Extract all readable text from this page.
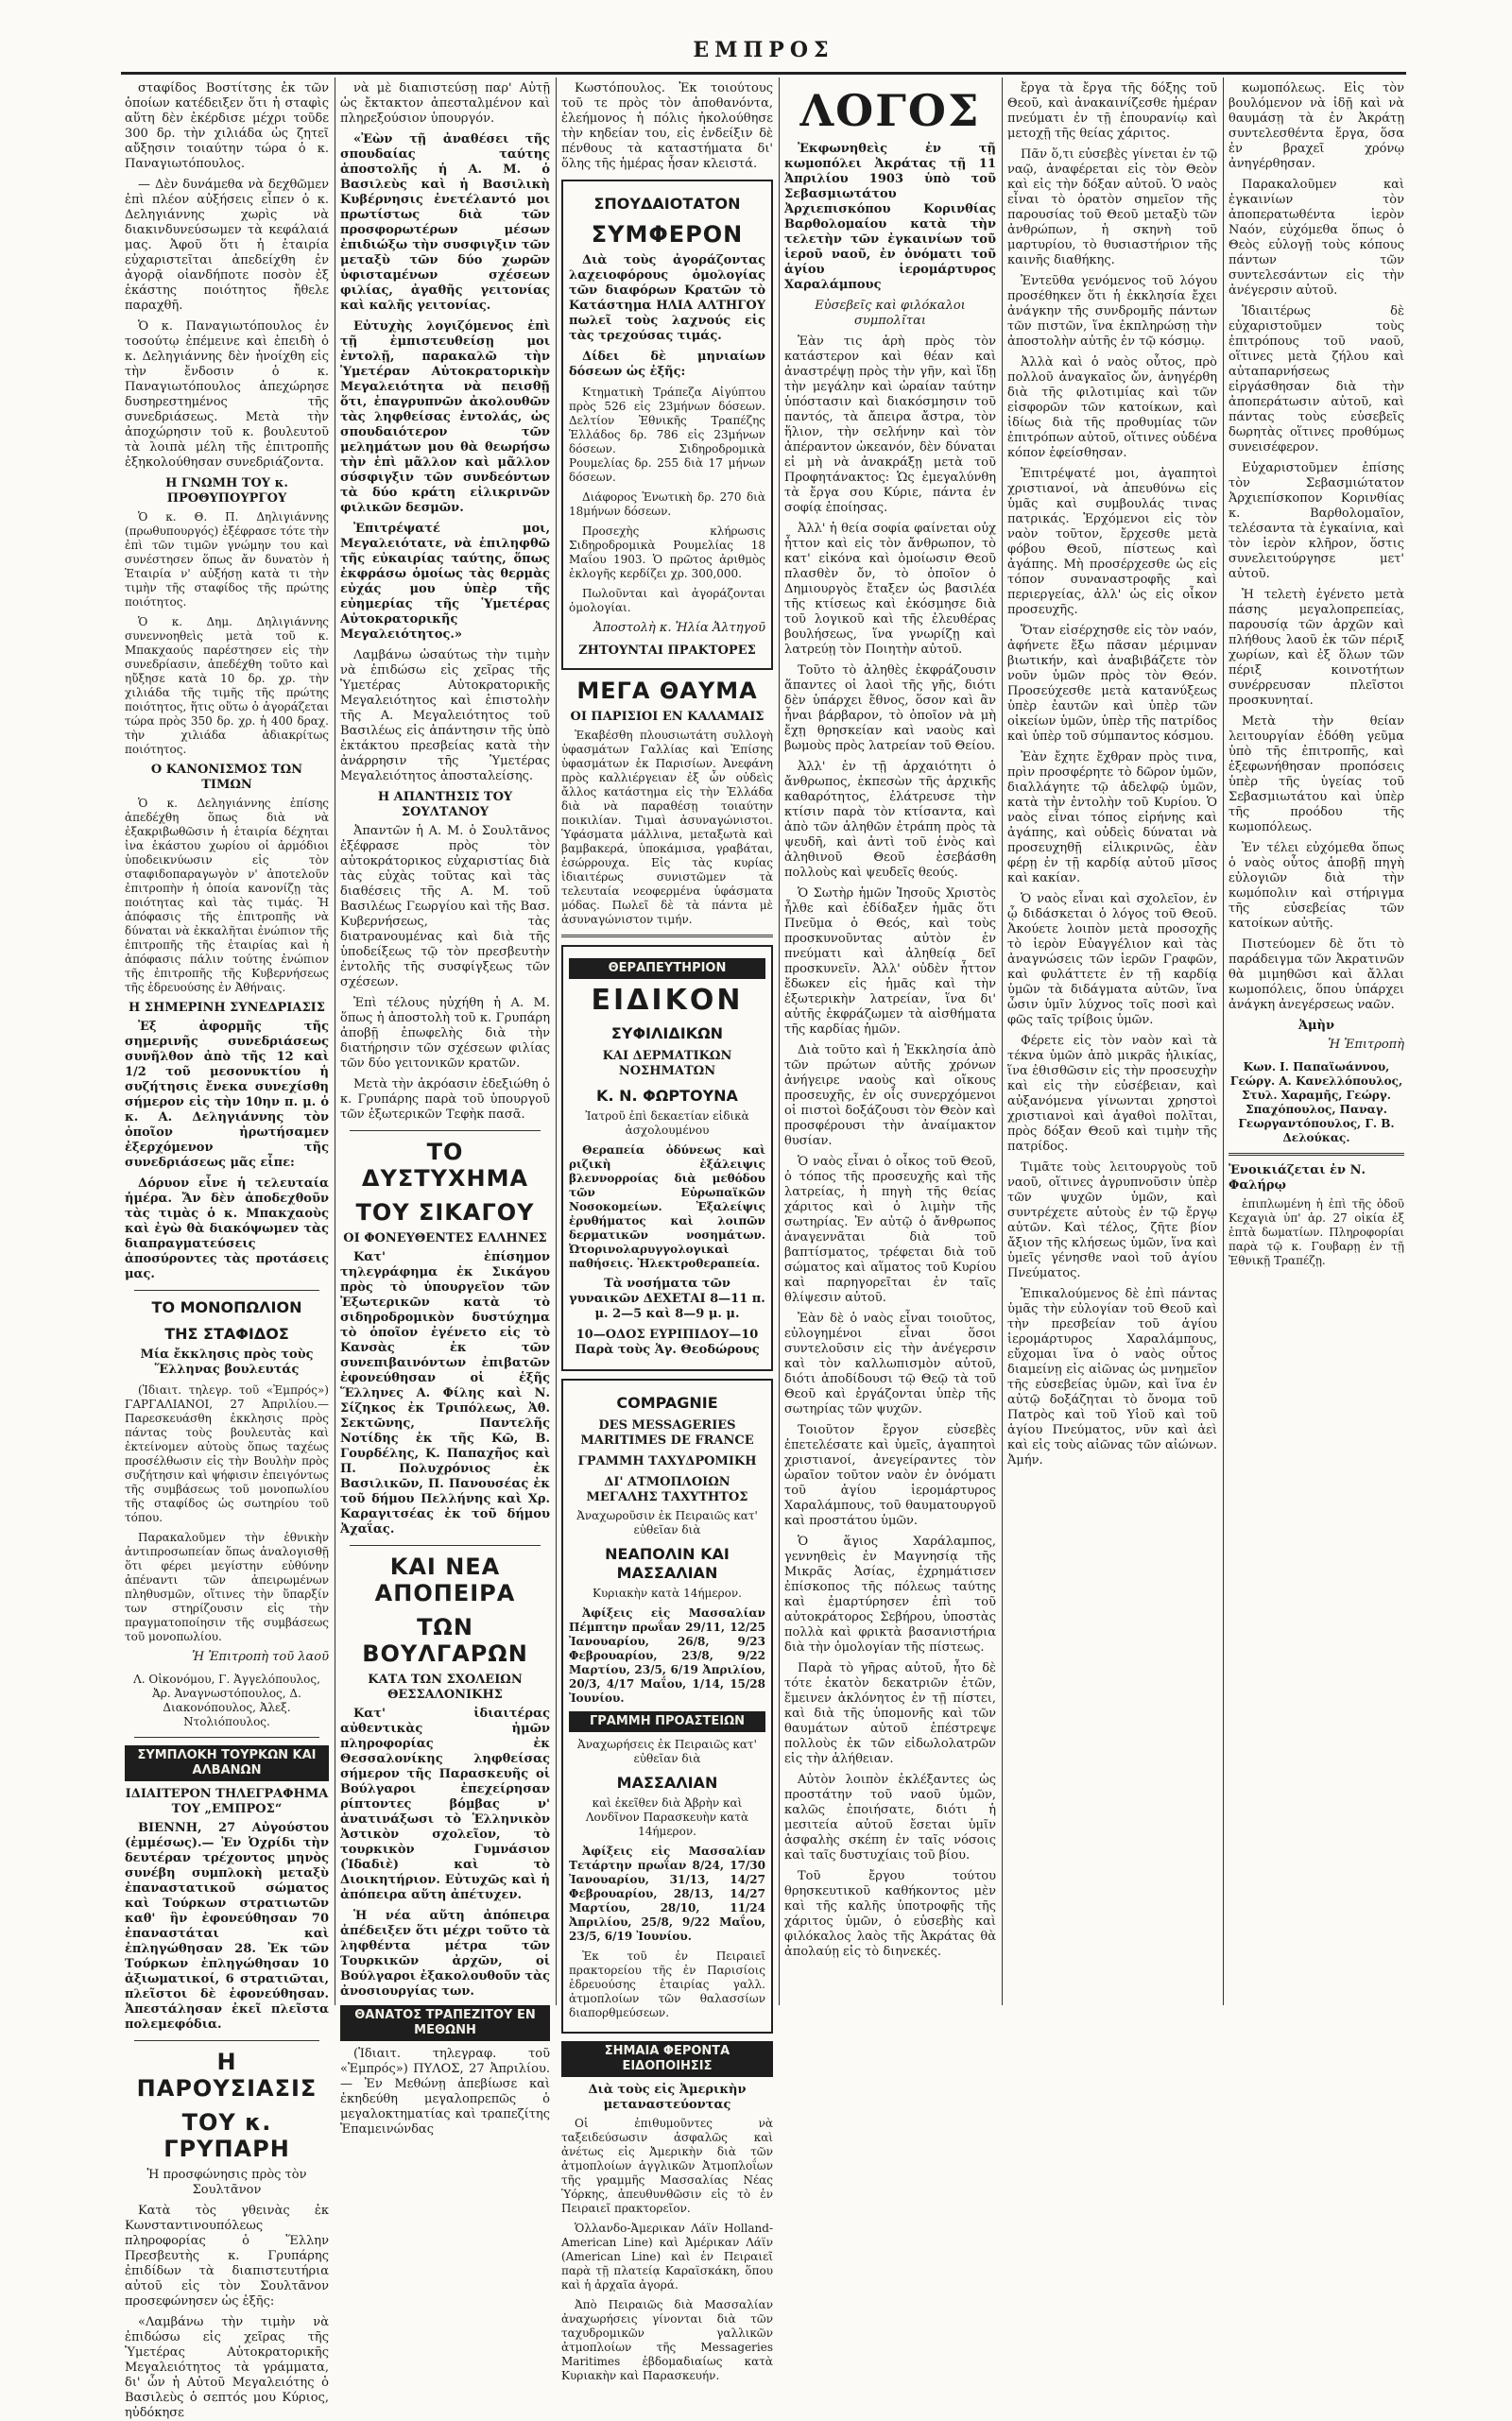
ΕΜΠΡΟΣ

σταφίδος Βοστίτσης ἐκ τῶν ὁποίων κατέδειξεν ὅτι ἡ σταφὶς αὕτη δὲν ἐκέρδισε μέχρι τοῦδε 300 δρ. τὴν χιλιάδα ὡς ζητεῖ αὔξησιν τοιαύτην τώρα ὁ κ. Παναγιωτόπουλος.

— Δὲν δυνάμεθα νὰ δεχθῶμεν ἐπὶ πλέον αὐξήσεις εἶπεν ὁ κ. Δεληγιάννης χωρὶς νὰ διακινδυνεύσωμεν τὰ κεφάλαιά μας. Ἀφοῦ ὅτι ἡ ἑταιρία εὐχαριστεῖται ἀπεδείχθη ἐν ἀγορᾷ οἰανδήποτε ποσὸν ἐξ ἑκάστης ποιότητος ἤθελε παραχθῆ.

Ὁ κ. Παναγιωτόπουλος ἐν τοσούτῳ ἐπέμεινε καὶ ἐπειδὴ ὁ κ. Δεληγιάννης δὲν ἠνοίχθη εἰς τὴν ἔνδοσιν ὁ κ. Παναγιωτόπουλος ἀπεχώρησε δυσηρεστημένος τῆς συνεδριάσεως. Μετὰ τὴν ἀποχώρησιν τοῦ κ. βουλευτοῦ τὰ λοιπὰ μέλη τῆς ἐπιτροπῆς ἐξηκολούθησαν συνεδριάζοντα.

Η ΓΝΩΜΗ ΤΟΥ κ. ΠΡΟΘΥΠΟΥΡΓΟΥ

Ὁ κ. Θ. Π. Δηλιγιάννης (πρωθυπουργός) ἐξέφρασε τότε τὴν ἐπὶ τῶν τιμῶν γνώμην του καὶ συνέστησεν ὅπως ἄν δυνατὸν ἡ Ἑταιρία ν' αὐξήσῃ κατὰ τι τὴν τιμὴν τῆς σταφίδος τῆς πρώτης ποιότητος.

Ὁ κ. Δημ. Δηλιγιάννης συνεννοηθεὶς μετὰ τοῦ κ. Μπακχαούς παρέστησεν εἰς τὴν συνεδρίασιν, ἀπεδέχθη τοῦτο καὶ ηὔξησε κατὰ 10 δρ. χρ. τὴν χιλιάδα τῆς τιμῆς τῆς πρώτης ποιότητος, ἥτις οὕτω ὁ ἀγοράζεται τώρα πρὸς 350 δρ. χρ. ἡ 400 δραχ. τὴν χιλιάδα ἀδιακρίτως ποιότητος.

Ο ΚΑΝΟΝΙΣΜΟΣ ΤΩΝ ΤΙΜΩΝ

Ὁ κ. Δεληγιάννης ἐπίσης ἀπεδέχθη ὅπως διὰ νὰ ἐξακριβωθῶσιν ἡ ἑταιρία δέχηται ἰνα ἑκάστου χωρίου οἱ ἀρμόδιοι ὑποδεικνύωσιν εἰς τὸν σταφιδοπαραγωγὸν ν' ἀποτελοῦν ἐπιτροπὴν ἡ ὁποία κανονίζῃ τὰς ποιότητας καὶ τὰς τιμάς. Ἡ ἀπόφασις τῆς ἐπιτροπῆς νὰ δύναται νὰ ἐκκαλῆται ἐνώπιον τῆς ἐπιτροπῆς τῆς ἑταιρίας καὶ ἡ ἀπόφασις πάλιν τούτης ἐνώπιον τῆς ἐπιτροπῆς τῆς Κυβερνήσεως τῆς ἑδρευούσης ἐν Ἀθήναις.

Η ΣΗΜΕΡΙΝΗ ΣΥΝΕΔΡΙΑΣΙΣ

Ἐξ ἀφορμῆς τῆς σημερινῆς συνεδριάσεως συνῆλθον ἀπὸ τῆς 12 καὶ 1/2 τοῦ μεσονυκτίου ἡ συζήτησις ἔνεκα συνεχίσθη σήμερον εἰς τὴν 10ην π. μ. ὁ κ. Α. Δεληγιάννης τὸν ὁποῖον ἠρωτήσαμεν ἐξερχόμενον τῆς συνεδριάσεως μᾶς εἶπε:

Δόρυον εἶνε ἡ τελευταία ἡμέρα. Ἄν δὲν ἀποδεχθοῦν τὰς τιμὰς ὁ κ. Μπακχαοὺς καὶ ἐγὼ θὰ διακόψωμεν τὰς διαπραγματεύσεις ἀποσύροντες τὰς προτάσεις μας.

ΤΟ ΜΟΝΟΠΩΛΙΟΝ
ΤΗΣ ΣΤΑΦΙΔΟΣ

Μία ἔκκλησις πρὸς τοὺς Ἕλληνας βουλευτάς

(Ἰδιαιτ. τηλεγρ. τοῦ «Ἐμπρός») ΓΑΡΓΑΛΙΑΝΟΙ, 27 Ἀπριλίου.— Παρεσκευάσθη ἐκκλησις πρὸς πάντας τοὺς βουλευτὰς καὶ ἐκτείνομεν αὐτοὺς ὅπως ταχέως προσέλθωσιν εἰς τὴν Βουλὴν πρὸς συζήτησιν καὶ ψήφισιν ἐπειγόντως τῆς συμβάσεως τοῦ μονοπωλίου τῆς σταφίδος ὡς σωτηρίου τοῦ τόπου.

Παρακαλοῦμεν τὴν ἐθνικὴν ἀντιπροσωπείαν ὅπως ἀναλογισθῇ ὅτι φέρει μεγίστην εὐθύνην ἀπέναντι τῶν ἀπειρωμένων πληθυσμῶν, οἵτινες τὴν ὕπαρξίν των στηρίζουσιν εἰς τὴν πραγματοποίησιν τῆς συμβάσεως τοῦ μονοπωλίου.

Ἡ Ἐπιτροπὴ τοῦ λαοῦ

Λ. Οἰκονόμου, Γ. Ἀγγελόπουλος, Ἀρ. Ἀναγνωστόπουλος, Δ. Διακονόπουλος, Ἀλεξ. Ντολιόπουλος.

ΣΥΜΠΛΟΚΗ ΤΟΥΡΚΩΝ ΚΑΙ ΑΛΒΑΝΩΝ
ΙΔΙΑΙΤΕΡΟΝ ΤΗΛΕΓΡΑΦΗΜΑ ΤΟΥ „ΕΜΠΡΟΣ“

ΒΙΕΝΝΗ, 27 Αὐγούστου (ἐμμέσως).— Ἐν Ὀχρίδι τὴν δευτέραν τρέχοντος μηνὸς συνέβη συμπλοκὴ μεταξὺ ἐπαναστατικοῦ σώματος καὶ Τούρκων στρατιωτῶν καθ' ἣν ἐφονεύθησαν 70 ἐπαναστάται καὶ ἐπληγώθησαν 28. Ἐκ τῶν Τούρκων ἐπληγώθησαν 10 ἀξιωματικοί, 6 στρατιῶται, πλεῖστοι δὲ ἐφονεύθησαν. Ἀπεστάλησαν ἐκεῖ πλεῖστα πολεμεφόδια.

Η ΠΑΡΟΥΣΙΑΣΙΣ
ΤΟΥ κ. ΓΡΥΠΑΡΗ

Ἡ προσφώνησις πρὸς τὸν Σουλτᾶνον

Κατὰ τὸς γθεινὰς ἐκ Κωνσταντινουπόλεως πληροφορίας ὁ Ἕλλην Πρεσβευτὴς κ. Γρυπάρης ἐπιδίδων τὰ διαπιστευτήρια αὐτοῦ εἰς τὸν Σουλτᾶνον προσεφώνησεν ὡς ἑξῆς:

«Λαμβάνω τὴν τιμὴν νὰ ἐπιδώσω εἰς χεῖρας τῆς Ὑμετέρας Αὐτοκρατορικῆς Μεγαλειότητος τὰ γράμματα, δι' ὧν ἡ Αὐτοῦ Μεγαλειότης ὁ Βασιλεὺς ὁ σεπτός μου Κύριος, ηὐδόκησε

νὰ μὲ διαπιστεύσῃ παρ' Αὐτῇ ὡς ἔκτακτον ἀπεσταλμένον καὶ πληρεξούσιον ὑπουργόν.

«Ἐὼν τῇ ἀναθέσει τῆς σπουδαίας ταύτης ἀποστολῆς ἡ Α. Μ. ὁ Βασιλεὺς καὶ ἡ Βασιλικὴ Κυβέρνησις ἐνετέλαντό μοι πρωτίστως διὰ τῶν προσφορωτέρων μέσων ἐπιδιώξω τὴν συσφιγξιν τῶν μεταξὺ τῶν δύο χωρῶν ὑφισταμένων σχέσεων φιλίας, ἀγαθῆς γειτονίας καὶ καλῆς γειτονίας.

Εὐτυχὴς λογιζόμενος ἐπὶ τῇ ἐμπιστευθείσῃ μοι ἐντολῇ, παρακαλῶ τὴν Ὑμετέραν Αὐτοκρατορικὴν Μεγαλειότητα νὰ πεισθῇ ὅτι, ἐπαγρυπνῶν ἀκολουθῶν τὰς ληφθείσας ἐντολάς, ὡς σπουδαιότερον τῶν μελημάτων μου θὰ θεωρήσω τὴν ἐπὶ μᾶλλον καὶ μᾶλλον σύσφιγξιν τῶν συνδεόντων τὰ δύο κράτη εἰλικρινῶν φιλικῶν δεσμῶν.

Ἐπιτρέψατέ μοι, Μεγαλειότατε, νὰ ἐπιληφθῶ τῆς εὐκαιρίας ταύτης, ὅπως ἐκφράσω ὁμοίως τὰς θερμὰς εὐχάς μου ὑπὲρ τῆς εὐημερίας τῆς Ὑμετέρας Αὐτοκρατορικῆς Μεγαλειότητος.»

Λαμβάνω ὡσαύτως τὴν τιμὴν νὰ ἐπιδώσω εἰς χεῖρας τῆς Ὑμετέρας Αὐτοκρατορικῆς Μεγαλειότητος καὶ ἐπιστολὴν τῆς Α. Μεγαλειότητος τοῦ Βασιλέως εἰς ἀπάντησιν τῆς ὑπὸ ἐκτάκτου πρεσβείας κατὰ τὴν ἀνάρρησιν τῆς Ὑμετέρας Μεγαλειότητος ἀποσταλείσης.

Η ΑΠΑΝΤΗΣΙΣ ΤΟΥ ΣΟΥΛΤΑΝΟΥ

Ἀπαντῶν ἡ Α. Μ. ὁ Σουλτᾶνος ἐξέφρασε πρὸς τὸν αὐτοκράτορικος εὐχαριστίας διὰ τὰς εὐχὰς τοῦτας καὶ τὰς διαθέσεις τῆς Α. Μ. τοῦ Βασιλέως Γεωργίου καὶ τῆς Βασ. Κυβερνήσεως, τὰς διατρανουμένας καὶ διὰ τῆς ὑποδείξεως τῷ τὸν πρεσβευτὴν ἐντολῆς τῆς συσφίγξεως τῶν σχέσεων.

Ἐπὶ τέλους ηὐχήθη ἡ Α. Μ. ὅπως ἡ ἀποστολὴ τοῦ κ. Γρυπάρη ἀποβῇ ἐπωφελὴς διὰ τὴν διατήρησιν τῶν σχέσεων φιλίας τῶν δύο γειτονικῶν κρατῶν.

Μετὰ τὴν ἀκρόασιν ἐδεξιώθη ὁ κ. Γρυπάρης παρὰ τοῦ ὑπουργοῦ τῶν ἐξωτερικῶν Τεφὴκ πασᾶ.

ΤΟ ΔΥΣΤΥΧΗΜΑ
ΤΟΥ ΣΙΚΑΓΟΥ
ΟΙ ΦΟΝΕΥΘΕΝΤΕΣ ΕΛΛΗΝΕΣ

Κατ' ἐπίσημον τηλεγράφημα ἐκ Σικάγου πρὸς τὸ ὑπουργεῖον τῶν Ἐξωτερικῶν κατὰ τὸ σιδηροδρομικὸν δυστύχημα τὸ ὁποῖον ἐγένετο εἰς τὸ Κανσὰς ἐκ τῶν συνεπιβαινόντων ἐπιβατῶν ἐφονεύθησαν οἱ ἑξῆς Ἕλληνες Α. Φίλης καὶ Ν. Σίζηκος ἐκ Τριπόλεως, Ἀθ. Σεκτῶνης, Παντελῆς Νοτίδης ἐκ τῆς Κῶ, Β. Γουρδέλης, Κ. Παπαχῆος καὶ Π. Πολυχρόνιος ἐκ Βασιλικῶν, Π. Πανουσέας ἐκ τοῦ δήμου Πελλήνης καὶ Χρ. Καραγιτσέας ἐκ τοῦ δήμου Ἀχαΐας.

ΚΑΙ ΝΕΑ ΑΠΟΠΕΙΡΑ
ΤΩΝ ΒΟΥΛΓΑΡΩΝ
ΚΑΤΑ ΤΩΝ ΣΧΟΛΕΙΩΝ ΘΕΣΣΑΛΟΝΙΚΗΣ

Κατ' ἰδιαιτέρας αὐθεντικὰς ἡμῶν πληροφορίας ἐκ Θεσσαλονίκης ληφθείσας σήμερον τῆς Παρασκευῆς οἱ Βούλγαροι ἐπεχείρησαν ρίπτοντες βόμβας ν' ἀνατινάξωσι τὸ Ἑλληνικὸν Ἀστικὸν σχολεῖον, τὸ τουρκικὸν Γυμνάσιον (Ἰδαδιὲ) καὶ τὸ Διοικητήριον. Εὐτυχῶς καὶ ἡ ἀπόπειρα αὕτη ἀπέτυχεν.

Ἡ νέα αὕτη ἀπόπειρα ἀπέδειξεν ὅτι μέχρι τοῦτο τὰ ληφθέντα μέτρα τῶν Τουρκικῶν ἀρχῶν, οἱ Βούλγαροι ἐξακολουθοῦν τὰς ἀνοσιουργίας των.

ΘΑΝΑΤΟΣ ΤΡΑΠΕΖΙΤΟΥ ΕΝ ΜΕΘΩΝΗ

(Ἰδιαιτ. τηλεγραφ. τοῦ «Ἐμπρός») ΠΥΛΟΣ, 27 Ἀπριλίου.— Ἐν Μεθώνῃ ἀπεβίωσε καὶ ἐκηδεύθη μεγαλοπρεπῶς ὁ μεγαλοκτηματίας καὶ τραπεζίτης Ἐπαμεινώνδας

Κωστόπουλος. Ἐκ τοιούτους τοῦ τε πρὸς τὸν ἀποθανόντα, ἐλεήμονος ἡ πόλις ἠκολούθησε τὴν κηδείαν του, εἰς ἐνδείξιν δὲ πένθους τὰ καταστήματα δι' ὅλης τῆς ἡμέρας ἦσαν κλειστά.

ΣΠΟΥΔΑΙΟΤΑΤΟΝ
ΣΥΜΦΕΡΟΝ

Διὰ τοὺς ἀγοράζοντας λαχειοφόρους ὁμολογίας τῶν διαφόρων Κρατῶν τὸ Κατάστημα ΗΛΙΑ ΑΛΤΗΓΟΥ πωλεῖ τοὺς λαχνούς εἰς τὰς τρεχούσας τιμάς.

Δίδει δὲ μηνιαίων δόσεων ὡς ἑξῆς:

Κτηματικὴ Τράπεζα Αἰγύπτου πρὸς 526 εἰς 23μήνων δόσεων. Δελτίον Ἐθνικῆς Τραπέζης Ἑλλάδος δρ. 786 εἰς 23μήνων δόσεων. Σιδηροδρομικὰ Ρουμελίας δρ. 255 διὰ 17 μήνων δόσεων.

Διάφορος Ἑνωτικὴ δρ. 270 διὰ 18μήνων δόσεων.

Προσεχὴς κλήρωσις Σιδηροδρομικὰ Ρουμελίας 18 Μαΐου 1903. Ὁ πρῶτος ἀριθμὸς ἐκλογῆς κερδίζει χρ. 300,000.

Πωλοῦνται καὶ ἀγοράζονται ὁμολογίαι.

Ἀποστολὴ κ. Ἠλία Ἀλτηγοῦ
ΖΗΤΟΥΝΤΑΙ ΠΡΑΚΤΟΡΕΣ
ΜΕΓΑ ΘΑΥΜΑ
ΟΙ ΠΑΡΙΣΙΟΙ ΕΝ ΚΑΛΑΜΑΙΣ

Ἐκαβέσθη πλουσιωτάτη συλλογὴ ὑφασμάτων Γαλλίας καὶ Ἐπίσης ὑφασμάτων ἐκ Παρισίων. Ἀνεφάνη πρὸς καλλιέργειαν ἐξ ὧν οὐδεὶς ἄλλος κατάστημα εἰς τὴν Ἑλλάδα διὰ νὰ παραθέσῃ τοιαύτην ποικιλίαν. Τιμαὶ ἀσυναγώνιστοι. Ὑφάσματα μάλλινα, μεταξωτὰ καὶ βαμβακερά, ὑποκάμισα, γραβάται, ἐσώρρουχα. Εἰς τὰς κυρίας ἰδιαιτέρως συνιστῶμεν τὰ τελευταία νεοφερμένα ὑφάσματα μόδας. Πωλεῖ δὲ τὰ πάντα μὲ ἀσυναγώνιστον τιμήν.

ΘΕΡΑΠΕΥΤΗΡΙΟΝ
ΕΙΔΙΚΟΝ
ΣΥΦΙΛΙΔΙΚΩΝ
ΚΑΙ ΔΕΡΜΑΤΙΚΩΝ ΝΟΣΗΜΑΤΩΝ
Κ. Ν. ΦΩΡΤΟΥΝΑ

Ἰατροῦ ἐπὶ δεκαετίαν εἰδικὰ ἀσχολουμένου

Θεραπεία ὀδύνεως καὶ ριζικὴ ἐξάλειψις βλεννορροίας διὰ μεθόδου τῶν Εὐρωπαϊκῶν Νοσοκομείων. Ἐξαλείψις ἐρυθήματος καὶ λοιπῶν δερματικῶν νοσημάτων. Ὠτορινολαρυγγολογικαὶ παθήσεις. Ἠλεκτροθεραπεία.

Τὰ νοσήματα τῶν γυναικῶν ΔΕΧΕΤΑΙ 8—11 π. μ. 2—5 καὶ 8—9 μ. μ.

10—ΟΔΟΣ ΕΥΡΙΠΙΔΟΥ—10 Παρὰ τοὺς Ἁγ. Θεοδώρους

COMPAGNIE
DES MESSAGERIES MARITIMES DE FRANCE
ΓΡΑΜΜΗ ΤΑΧΥΔΡΟΜΙΚΗ
ΔΙ' ΑΤΜΟΠΛΟΙΩΝ ΜΕΓΑΛΗΣ ΤΑΧΥΤΗΤΟΣ

Ἀναχωροῦσιν ἐκ Πειραιῶς κατ' εὐθεῖαν διὰ

ΝΕΑΠΟΛΙΝ ΚΑΙ ΜΑΣΣΑΛΙΑΝ

Κυριακὴν κατὰ 14ήμερον.

Ἀφίξεις εἰς Μασσαλίαν Πέμπτην πρωΐαν 29/11, 12/25 Ἰανουαρίου, 26/8, 9/23 Φεβρουαρίου, 23/8, 9/22 Μαρτίου, 23/5, 6/19 Ἀπριλίου, 20/3, 4/17 Μαΐου, 1/14, 15/28 Ἰουνίου.

ΓΡΑΜΜΗ ΠΡΟΑΣΤΕΙΩΝ

Ἀναχωρήσεις ἐκ Πειραιῶς κατ' εὐθεῖαν διὰ

ΜΑΣΣΑΛΙΑΝ

καὶ ἐκεῖθεν διὰ Ἀβρὴν καὶ Λονδῖνον Παρασκευὴν κατὰ 14ήμερον.

Ἀφίξεις εἰς Μασσαλίαν Τετάρτην πρωΐαν 8/24, 17/30 Ἰανουαρίου, 31/13, 14/27 Φεβρουαρίου, 28/13, 14/27 Μαρτίου, 28/10, 11/24 Ἀπριλίου, 25/8, 9/22 Μαΐου, 23/5, 6/19 Ἰουνίου.

Ἐκ τοῦ ἐν Πειραιεῖ πρακτορείου τῆς ἐν Παρισίοις ἑδρευούσης ἑταιρίας γαλλ. ἀτμοπλοίων τῶν θαλασσίων διαπορθμεύσεων.

ΣΗΜΑΙΑ ΦΕΡΟΝΤΑ ΕΙΔΟΠΟΙΗΣΙΣ
Διὰ τοὺς εἰς Ἀμερικὴν μεταναστεύοντας

Οἱ ἐπιθυμοῦντες νὰ ταξειδεύσωσιν ἀσφαλῶς καὶ ἀνέτως εἰς Ἀμερικὴν διὰ τῶν ἀτμοπλοίων ἁγγλικῶν Ἀτμοπλοΐων τῆς γραμμῆς Μασσαλίας Νέας Ὑόρκης, ἀπευθυνθῶσιν εἰς τὸ ἐν Πειραιεῖ πρακτορεῖον.

Ὁλλανδο-Ἀμερικαν Λάϊν Holland-American Line) καὶ Ἀμέρικαν Λάϊν (American Line) καὶ ἐν Πειραιεῖ παρὰ τῇ πλατείᾳ Καραϊσκάκη, ὅπου καὶ ἡ ἀρχαῖα ἀγορά.

Ἀπὸ Πειραιῶς διὰ Μασσαλίαν ἀναχωρήσεις γίνονται διὰ τῶν ταχυδρομικῶν γαλλικῶν ἀτμοπλοίων τῆς Messageries Maritimes ἑβδομαδιαίως κατὰ Κυριακὴν καὶ Παρασκευήν.

ΛΟΓΟΣ

Ἐκφωνηθεὶς ἐν τῇ κωμοπόλει Ἀκράτας τῇ 11 Ἀπριλίου 1903 ὑπὸ τοῦ Σεβασμιωτάτου Ἀρχιεπισκόπου Κορινθίας Βαρθολομαίου κατὰ τὴν τελετὴν τῶν ἐγκαινίων τοῦ ἱεροῦ ναοῦ, ἐν ὀνόματι τοῦ ἁγίου ἱερομάρτυρος Χαραλάμπους

Εὐσεβεῖς καὶ φιλόκαλοι συμπολῖται

Ἐὰν τις ἀρὴ πρὸς τὸν κατάστερον καὶ θέαν καὶ ἀναστρέψῃ πρὸς τὴν γῆν, καὶ ἴδῃ τὴν μεγάλην καὶ ὡραίαν ταύτην ὑπόστασιν καὶ διακόσμησιν τοῦ παντός, τὰ ἄπειρα ἄστρα, τὸν ἥλιον, τὴν σελήνην καὶ τὸν ἀπέραντον ὠκεανόν, δὲν δύναται εἰ μὴ νὰ ἀνακράξῃ μετὰ τοῦ Προφητάνακτος: Ὡς ἐμεγαλύνθη τὰ ἔργα σου Κύριε, πάντα ἐν σοφίᾳ ἐποίησας.

Ἀλλ' ἡ θεία σοφία φαίνεται οὐχ ἧττον καὶ εἰς τὸν ἄνθρωπον, τὸ κατ' εἰκόνα καὶ ὁμοίωσιν Θεοῦ πλασθὲν ὄν, τὸ ὁποῖον ὁ Δημιουργὸς ἔταξεν ὡς βασιλέα τῆς κτίσεως καὶ ἐκόσμησε διὰ τοῦ λογικοῦ καὶ τῆς ἐλευθέρας βουλήσεως, ἵνα γνωρίζῃ καὶ λατρεύῃ τὸν Ποιητὴν αὐτοῦ.

Τοῦτο τὸ ἀληθὲς ἐκφράζουσιν ἅπαντες οἱ λαοὶ τῆς γῆς, διότι δὲν ὑπάρχει ἔθνος, ὅσον καὶ ἂν ἦναι βάρβαρον, τὸ ὁποῖον νὰ μὴ ἔχῃ θρησκείαν καὶ ναοὺς καὶ βωμοὺς πρὸς λατρείαν τοῦ Θείου.

Ἀλλ' ἐν τῇ ἀρχαιότητι ὁ ἄνθρωπος, ἐκπεσὼν τῆς ἀρχικῆς καθαρότητος, ἐλάτρευσε τὴν κτίσιν παρὰ τὸν κτίσαντα, καὶ ἀπὸ τῶν ἀληθῶν ἐτράπη πρὸς τὰ ψευδῆ, καὶ ἀντὶ τοῦ ἑνὸς καὶ ἀληθινοῦ Θεοῦ ἐσεβάσθη πολλοὺς καὶ ψευδεῖς θεούς.

Ὁ Σωτὴρ ἡμῶν Ἰησοῦς Χριστὸς ἦλθε καὶ ἐδίδαξεν ἡμᾶς ὅτι Πνεῦμα ὁ Θεός, καὶ τοὺς προσκυνοῦντας αὐτὸν ἐν πνεύματι καὶ ἀληθείᾳ δεῖ προσκυνεῖν. Ἀλλ' οὐδὲν ἧττον ἔδωκεν εἰς ἡμᾶς καὶ τὴν ἐξωτερικὴν λατρείαν, ἵνα δι' αὐτῆς ἐκφράζωμεν τὰ αἰσθήματα τῆς καρδίας ἡμῶν.

Διὰ τοῦτο καὶ ἡ Ἐκκλησία ἀπὸ τῶν πρώτων αὐτῆς χρόνων ἀνήγειρε ναοὺς καὶ οἴκους προσευχῆς, ἐν οἷς συνερχόμενοι οἱ πιστοὶ δοξάζουσι τὸν Θεὸν καὶ προσφέρουσι τὴν ἀναίμακτον θυσίαν.

Ὁ ναὸς εἶναι ὁ οἶκος τοῦ Θεοῦ, ὁ τόπος τῆς προσευχῆς καὶ τῆς λατρείας, ἡ πηγὴ τῆς θείας χάριτος καὶ ὁ λιμὴν τῆς σωτηρίας. Ἐν αὐτῷ ὁ ἄνθρωπος ἀναγεννᾶται διὰ τοῦ βαπτίσματος, τρέφεται διὰ τοῦ σώματος καὶ αἵματος τοῦ Κυρίου καὶ παρηγορεῖται ἐν ταῖς θλίψεσιν αὐτοῦ.

Ἐὰν δὲ ὁ ναὸς εἶναι τοιοῦτος, εὐλογημένοι εἶναι ὅσοι συντελοῦσιν εἰς τὴν ἀνέγερσιν καὶ τὸν καλλωπισμὸν αὐτοῦ, διότι ἀποδίδουσι τῷ Θεῷ τὰ τοῦ Θεοῦ καὶ ἐργάζονται ὑπὲρ τῆς σωτηρίας τῶν ψυχῶν.

Τοιοῦτον ἔργον εὐσεβὲς ἐπετελέσατε καὶ ὑμεῖς, ἀγαπητοὶ χριστιανοί, ἀνεγείραντες τὸν ὡραῖον τοῦτον ναὸν ἐν ὀνόματι τοῦ ἁγίου ἱερομάρτυρος Χαραλάμπους, τοῦ θαυματουργοῦ καὶ προστάτου ὑμῶν.

Ὁ ἅγιος Χαράλαμπος, γεννηθεὶς ἐν Μαγνησίᾳ τῆς Μικρᾶς Ἀσίας, ἐχρημάτισεν ἐπίσκοπος τῆς πόλεως ταύτης καὶ ἐμαρτύρησεν ἐπὶ τοῦ αὐτοκράτορος Σεβήρου, ὑποστὰς πολλὰ καὶ φρικτὰ βασανιστήρια διὰ τὴν ὁμολογίαν τῆς πίστεως.

Παρὰ τὸ γῆρας αὐτοῦ, ἦτο δὲ τότε ἑκατὸν δεκατριῶν ἐτῶν, ἔμεινεν ἀκλόνητος ἐν τῇ πίστει, καὶ διὰ τῆς ὑπομονῆς καὶ τῶν θαυμάτων αὐτοῦ ἐπέστρεψε πολλοὺς ἐκ τῶν εἰδωλολατρῶν εἰς τὴν ἀλήθειαν.

Αὐτὸν λοιπὸν ἐκλέξαντες ὡς προστάτην τοῦ ναοῦ ὑμῶν, καλῶς ἐποιήσατε, διότι ἡ μεσιτεία αὐτοῦ ἔσεται ὑμῖν ἀσφαλὴς σκέπη ἐν ταῖς νόσοις καὶ ταῖς δυστυχίαις τοῦ βίου.

Τοῦ ἔργου τούτου θρησκευτικοῦ καθήκοντος μὲν καὶ τῆς καλῆς ὑποτροφῆς τῆς χάριτος ὑμῶν, ὁ εὐσεβὴς καὶ φιλόκαλος λαὸς τῆς Ἀκράτας θὰ ἀπολαύῃ εἰς τὸ διηνεκές.

ἔργα τὰ ἔργα τῆς δόξης τοῦ Θεοῦ, καὶ ἀνακαινίζεσθε ἡμέραν πνεύματι ἐν τῇ ἐπουρανίῳ καὶ μετοχῇ τῆς θείας χάριτος.

Πᾶν ὅ,τι εὐσεβὲς γίνεται ἐν τῷ ναῷ, ἀναφέρεται εἰς τὸν Θεὸν καὶ εἰς τὴν δόξαν αὐτοῦ. Ὁ ναὸς εἶναι τὸ ὁρατὸν σημεῖον τῆς παρουσίας τοῦ Θεοῦ μεταξὺ τῶν ἀνθρώπων, ἡ σκηνὴ τοῦ μαρτυρίου, τὸ θυσιαστήριον τῆς καινῆς διαθήκης.

Ἐντεῦθα γενόμενος τοῦ λόγου προσέθηκεν ὅτι ἡ ἐκκλησία ἔχει ἀνάγκην τῆς συνδρομῆς πάντων τῶν πιστῶν, ἵνα ἐκπληρώσῃ τὴν ἀποστολὴν αὐτῆς ἐν τῷ κόσμῳ.

Ἀλλὰ καὶ ὁ ναὸς οὗτος, πρὸ πολλοῦ ἀναγκαῖος ὤν, ἀνηγέρθη διὰ τῆς φιλοτιμίας καὶ τῶν εἰσφορῶν τῶν κατοίκων, καὶ ἰδίως διὰ τῆς προθυμίας τῶν ἐπιτρόπων αὐτοῦ, οἵτινες οὐδένα κόπον ἐφείσθησαν.

Ἐπιτρέψατέ μοι, ἀγαπητοὶ χριστιανοί, νὰ ἀπευθύνω εἰς ὑμᾶς καὶ συμβουλάς τινας πατρικάς. Ἐρχόμενοι εἰς τὸν ναὸν τοῦτον, ἔρχεσθε μετὰ φόβου Θεοῦ, πίστεως καὶ ἀγάπης. Μὴ προσέρχεσθε ὡς εἰς τόπον συναναστροφῆς καὶ περιεργείας, ἀλλ' ὡς εἰς οἶκον προσευχῆς.

Ὅταν εἰσέρχησθε εἰς τὸν ναόν, ἀφήνετε ἔξω πᾶσαν μέριμναν βιωτικήν, καὶ ἀναβιβάζετε τὸν νοῦν ὑμῶν πρὸς τὸν Θεόν. Προσεύχεσθε μετὰ κατανύξεως ὑπὲρ ἑαυτῶν καὶ ὑπὲρ τῶν οἰκείων ὑμῶν, ὑπὲρ τῆς πατρίδος καὶ ὑπὲρ τοῦ σύμπαντος κόσμου.

Ἐὰν ἔχητε ἔχθραν πρὸς τινα, πρὶν προσφέρητε τὸ δῶρον ὑμῶν, διαλλάγητε τῷ ἀδελφῷ ὑμῶν, κατὰ τὴν ἐντολὴν τοῦ Κυρίου. Ὁ ναὸς εἶναι τόπος εἰρήνης καὶ ἀγάπης, καὶ οὐδεὶς δύναται νὰ προσευχηθῇ εἰλικρινῶς, ἐὰν φέρῃ ἐν τῇ καρδίᾳ αὐτοῦ μῖσος καὶ κακίαν.

Ὁ ναὸς εἶναι καὶ σχολεῖον, ἐν ᾧ διδάσκεται ὁ λόγος τοῦ Θεοῦ. Ἀκούετε λοιπὸν μετὰ προσοχῆς τὸ ἱερὸν Εὐαγγέλιον καὶ τὰς ἀναγνώσεις τῶν ἱερῶν Γραφῶν, καὶ φυλάττετε ἐν τῇ καρδίᾳ ὑμῶν τὰ διδάγματα αὐτῶν, ἵνα ὦσιν ὑμῖν λύχνος τοῖς ποσὶ καὶ φῶς ταῖς τρίβοις ὑμῶν.

Φέρετε εἰς τὸν ναὸν καὶ τὰ τέκνα ὑμῶν ἀπὸ μικρᾶς ἡλικίας, ἵνα ἐθισθῶσιν εἰς τὴν προσευχὴν καὶ εἰς τὴν εὐσέβειαν, καὶ αὐξανόμενα γίνωνται χρηστοὶ χριστιανοὶ καὶ ἀγαθοὶ πολῖται, πρὸς δόξαν Θεοῦ καὶ τιμὴν τῆς πατρίδος.

Τιμᾶτε τοὺς λειτουργοὺς τοῦ ναοῦ, οἵτινες ἀγρυπνοῦσιν ὑπὲρ τῶν ψυχῶν ὑμῶν, καὶ συντρέχετε αὐτοὺς ἐν τῷ ἔργῳ αὐτῶν. Καὶ τέλος, ζῆτε βίον ἄξιον τῆς κλήσεως ὑμῶν, ἵνα καὶ ὑμεῖς γένησθε ναοὶ τοῦ ἁγίου Πνεύματος.

Ἐπικαλούμενος δὲ ἐπὶ πάντας ὑμᾶς τὴν εὐλογίαν τοῦ Θεοῦ καὶ τὴν πρεσβείαν τοῦ ἁγίου ἱερομάρτυρος Χαραλάμπους, εὔχομαι ἵνα ὁ ναὸς οὗτος διαμείνῃ εἰς αἰῶνας ὡς μνημεῖον τῆς εὐσεβείας ὑμῶν, καὶ ἵνα ἐν αὐτῷ δοξάζηται τὸ ὄνομα τοῦ Πατρὸς καὶ τοῦ Υἱοῦ καὶ τοῦ ἁγίου Πνεύματος, νῦν καὶ ἀεὶ καὶ εἰς τοὺς αἰῶνας τῶν αἰώνων. Ἀμήν.

κωμοπόλεως. Εἰς τὸν βουλόμενον νὰ ἰδῇ καὶ νὰ θαυμάσῃ τὰ ἐν Ἀκράτῃ συντελεσθέντα ἔργα, ὅσα ἐν βραχεῖ χρόνῳ ἀνηγέρθησαν.

Παρακαλοῦμεν καὶ ἐγκαινίων τὸν ἀποπερατωθέντα ἱερὸν Ναόν, εὐχόμεθα ὅπως ὁ Θεὸς εὐλογῇ τοὺς κόπους πάντων τῶν συντελεσάντων εἰς τὴν ἀνέγερσιν αὐτοῦ.

Ἰδιαιτέρως δὲ εὐχαριστοῦμεν τοὺς ἐπιτρόπους τοῦ ναοῦ, οἵτινες μετὰ ζήλου καὶ αὐταπαρνήσεως εἰργάσθησαν διὰ τὴν ἀποπεράτωσιν αὐτοῦ, καὶ πάντας τοὺς εὐσεβεῖς δωρητὰς οἵτινες προθύμως συνεισέφερον.

Εὐχαριστοῦμεν ἐπίσης τὸν Σεβασμιώτατον Ἀρχιεπίσκοπον Κορινθίας κ. Βαρθολομαῖον, τελέσαντα τὰ ἐγκαίνια, καὶ τὸν ἱερὸν κλῆρον, ὅστις συνελειτούργησε μετ' αὐτοῦ.

Ἡ τελετὴ ἐγένετο μετὰ πάσης μεγαλοπρεπείας, παρουσίᾳ τῶν ἀρχῶν καὶ πλήθους λαοῦ ἐκ τῶν πέριξ χωρίων, καὶ ἐξ ὅλων τῶν πέριξ κοινοτήτων συνέρρευσαν πλεῖστοι προσκυνηταί.

Μετὰ τὴν θείαν λειτουργίαν ἐδόθη γεῦμα ὑπὸ τῆς ἐπιτροπῆς, καὶ ἐξεφωνήθησαν προπόσεις ὑπὲρ τῆς ὑγείας τοῦ Σεβασμιωτάτου καὶ ὑπὲρ τῆς προόδου τῆς κωμοπόλεως.

Ἐν τέλει εὐχόμεθα ὅπως ὁ ναὸς οὗτος ἀποβῇ πηγὴ εὐλογιῶν διὰ τὴν κωμόπολιν καὶ στήριγμα τῆς εὐσεβείας τῶν κατοίκων αὐτῆς.

Πιστεύομεν δὲ ὅτι τὸ παράδειγμα τῶν Ἀκρατινῶν θὰ μιμηθῶσι καὶ ἄλλαι κωμοπόλεις, ὅπου ὑπάρχει ἀνάγκη ἀνεγέρσεως ναῶν.

Ἀμὴν
Ἡ Ἐπιτροπὴ

Κων. Ι. Παπαϊωάννου, Γεώργ. Α. Κανελλόπουλος, Στυλ. Χαραμῆς, Γεώργ. Σπαχόπουλος, Παναγ. Γεωργαντόπουλος, Γ. Β. Δελούκας.

Ἐνοικιάζεται ἐν Ν. Φαλήρῳ

ἐπιπλωμένη ἡ ἐπὶ τῆς ὁδοῦ Κεχαγιὰ ὑπ' ἀρ. 27 οἰκία ἐξ ἑπτὰ δωματίων. Πληροφορίαι παρὰ τῷ κ. Γουβαρῃ ἐν τῇ Ἐθνικῇ Τραπέζῃ.
